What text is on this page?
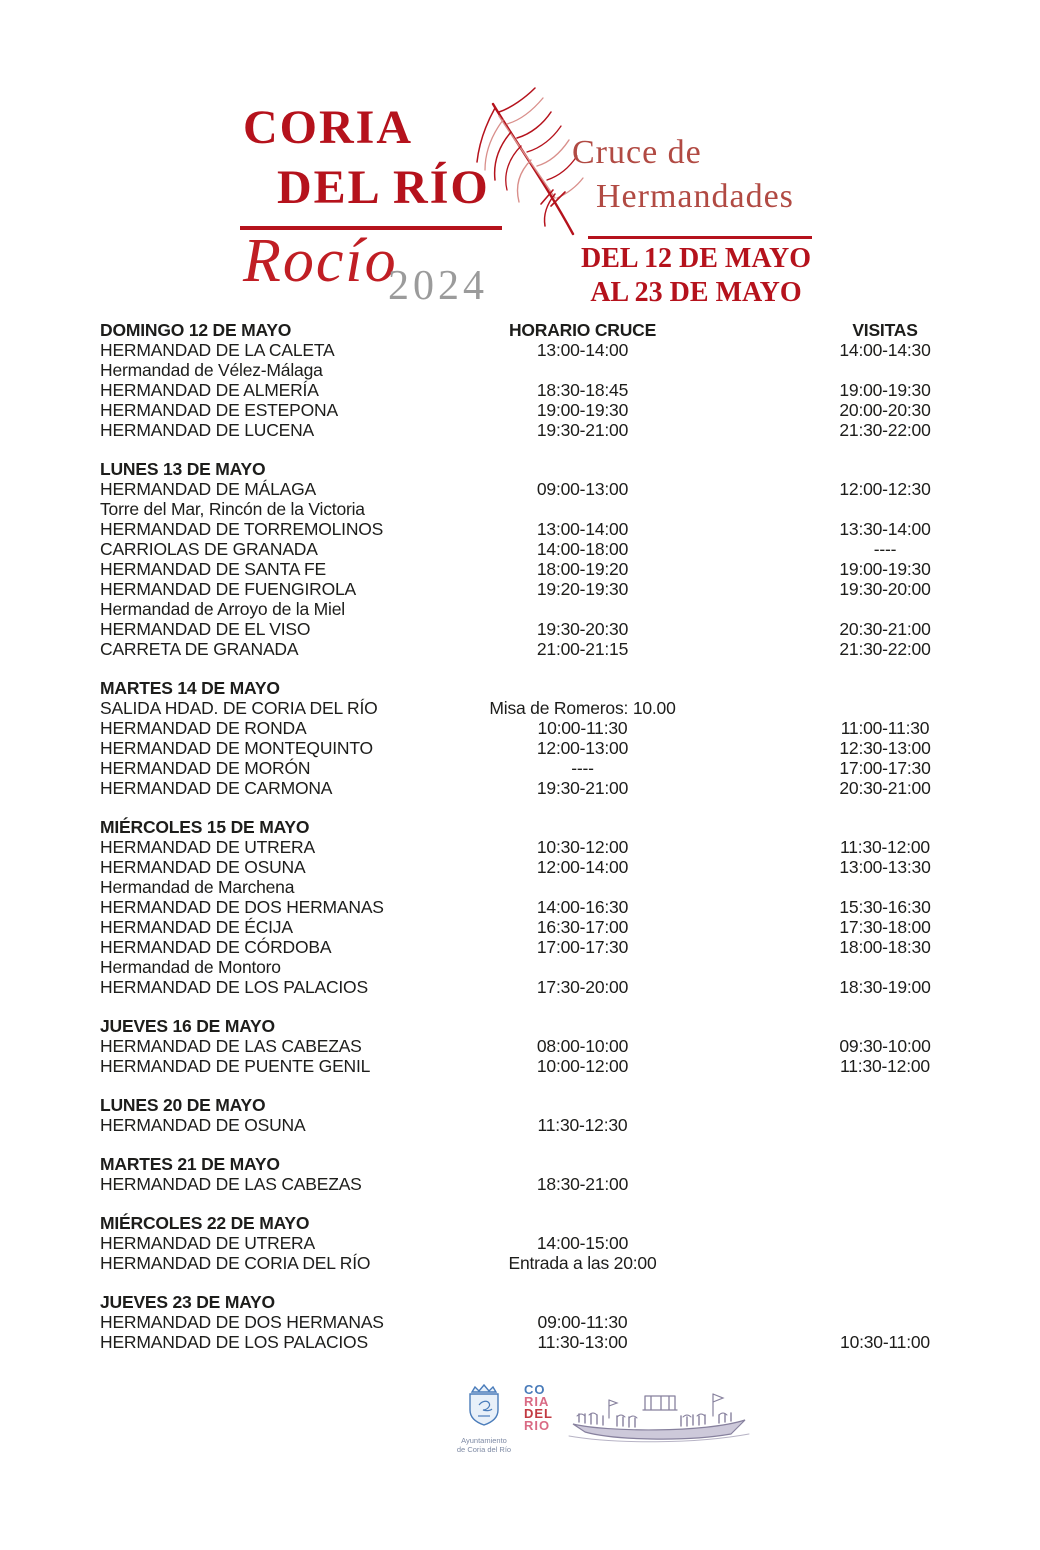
CORIA
DEL RÍO
Rocío
2024
Cruce de
Hermandades
DEL 12 DE MAYO
AL 23 DE MAYO
DOMINGO 12 DE MAYO	HORARIO CRUCE	VISITAS
HERMANDAD DE LA CALETA	13:00-14:00	14:00-14:30
Hermandad de Vélez-Málaga
HERMANDAD DE ALMERÍA	18:30-18:45	19:00-19:30
HERMANDAD DE ESTEPONA	19:00-19:30	20:00-20:30
HERMANDAD DE LUCENA	19:30-21:00	21:30-22:00
LUNES 13 DE MAYO
HERMANDAD DE MÁLAGA	09:00-13:00	12:00-12:30
Torre del Mar, Rincón de la Victoria
HERMANDAD DE TORREMOLINOS	13:00-14:00	13:30-14:00
CARRIOLAS DE GRANADA	14:00-18:00	----
HERMANDAD DE SANTA FE	18:00-19:20	19:00-19:30
HERMANDAD DE FUENGIROLA	19:20-19:30	19:30-20:00
Hermandad de Arroyo de la Miel
HERMANDAD DE EL VISO	19:30-20:30	20:30-21:00
CARRETA DE GRANADA	21:00-21:15	21:30-22:00
MARTES 14 DE MAYO
SALIDA HDAD. DE CORIA DEL RÍO	Misa de Romeros: 10.00
HERMANDAD DE RONDA	10:00-11:30	11:00-11:30
HERMANDAD DE MONTEQUINTO	12:00-13:00	12:30-13:00
HERMANDAD DE MORÓN	----	17:00-17:30
HERMANDAD DE CARMONA	19:30-21:00	20:30-21:00
MIÉRCOLES 15 DE MAYO
HERMANDAD DE UTRERA	10:30-12:00	11:30-12:00
HERMANDAD DE OSUNA	12:00-14:00	13:00-13:30
Hermandad de Marchena
HERMANDAD DE DOS HERMANAS	14:00-16:30	15:30-16:30
HERMANDAD DE ÉCIJA	16:30-17:00	17:30-18:00
HERMANDAD DE CÓRDOBA	17:00-17:30	18:00-18:30
Hermandad de Montoro
HERMANDAD DE LOS PALACIOS	17:30-20:00	18:30-19:00
JUEVES 16 DE MAYO
HERMANDAD DE LAS CABEZAS	08:00-10:00	09:30-10:00
HERMANDAD DE PUENTE GENIL	10:00-12:00	11:30-12:00
LUNES 20 DE MAYO
HERMANDAD DE OSUNA	11:30-12:30
MARTES 21 DE MAYO
HERMANDAD DE LAS CABEZAS	18:30-21:00
MIÉRCOLES 22 DE MAYO
HERMANDAD DE UTRERA	14:00-15:00
HERMANDAD DE CORIA DEL RÍO	Entrada a las 20:00
JUEVES 23 DE MAYO
HERMANDAD DE DOS HERMANAS	09:00-11:30
HERMANDAD DE LOS PALACIOS	11:30-13:00	10:30-11:00
Ayuntamiento
de Coria del Río
CO
RIA
DEL
RIO
